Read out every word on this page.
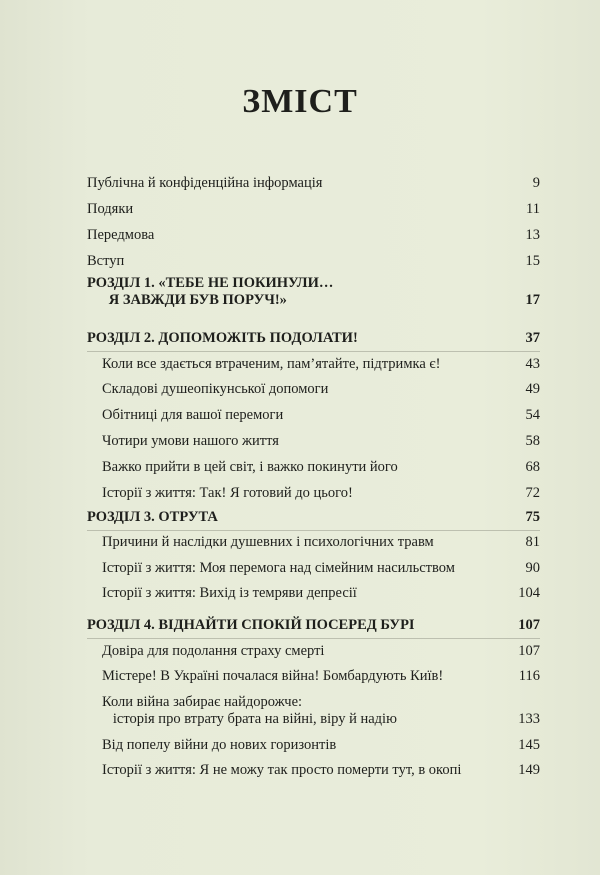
ЗМІСТ
Публічна й конфіденційна інформація	9
Подяки	11
Передмова	13
Вступ	15
РОЗДІЛ 1. «ТЕБЕ НЕ ПОКИНУЛИ…
Я ЗАВЖДИ БУВ ПОРУЧ!»	17
РОЗДІЛ 2. ДОПОМОЖІТЬ ПОДОЛАТИ!	37
Коли все здається втраченим, пам’ятайте, підтримка є!	43
Складові душеопікунської допомоги	49
Обітниці для вашої перемоги	54
Чотири умови нашого життя	58
Важко прийти в цей світ, і важко покинути його	68
Історії з життя: Так! Я готовий до цього!	72
РОЗДІЛ 3. ОТРУТА	75
Причини й наслідки душевних і психологічних травм	81
Історії з життя: Моя перемога над сімейним насильством	90
Історії з життя: Вихід із темряви депресії	104
РОЗДІЛ 4. ВІДНАЙТИ СПОКІЙ ПОСЕРЕД БУРІ	107
Довіра для подолання страху смерті	107
Містере! В Україні почалася війна! Бомбардують Київ!	116
Коли війна забирає найдорожче:
історія про втрату брата на війні, віру й надію	133
Від попелу війни до нових горизонтів	145
Історії з життя: Я не можу так просто померти тут, в окопі	149
